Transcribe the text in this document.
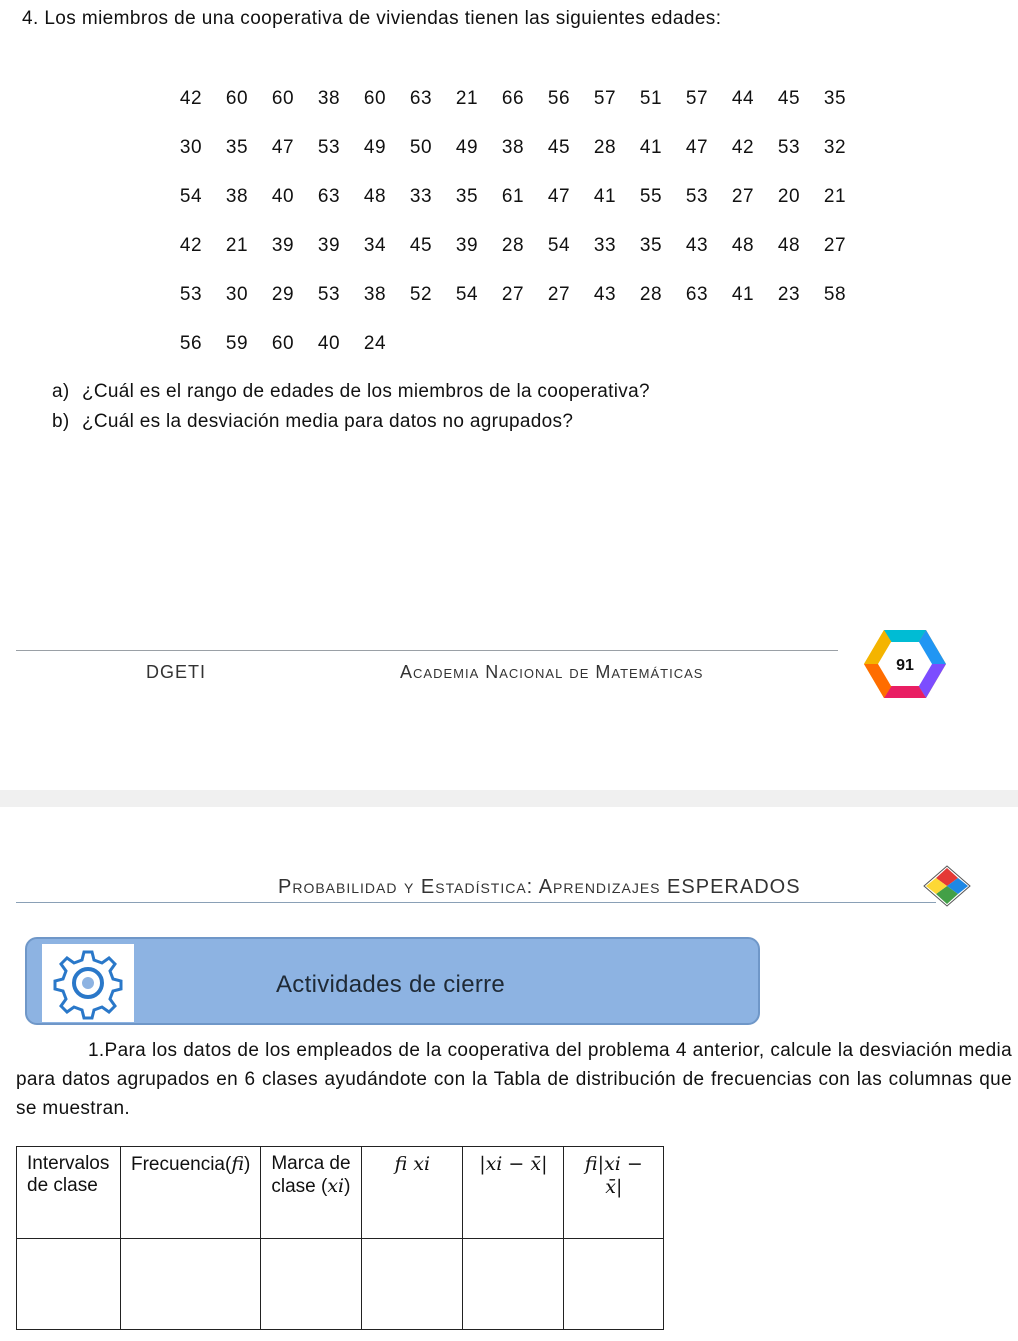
4. Los miembros de una cooperativa de viviendas tienen las siguientes edades:
42	60	60	38	60	63	21	66	56	57	51	57	44	45	35
30	35	47	53	49	50	49	38	45	28	41	47	42	53	32
54	38	40	63	48	33	35	61	47	41	55	53	27	20	21
42	21	39	39	34	45	39	28	54	33	35	43	48	48	27
53	30	29	53	38	52	54	27	27	43	28	63	41	23	58
56	59	60	40	24
a) ¿Cuál es el rango de edades de los miembros de la cooperativa?
b) ¿Cuál es la desviación media para datos no agrupados?
DGETI	Academia Nacional de Matemáticas	91
Probabilidad y Estadística: Aprendizajes ESPERADOS
Actividades de cierre
1.Para los datos de los empleados de la cooperativa del problema 4 anterior, calcule la desviación media para datos agrupados en 6 clases ayudándote con la Tabla de distribución de frecuencias con las columnas que se muestran.
Intervalos de clase	Frecuencia(fi)	Marca de clase (xi)	fi xi	|xi − x̄|	fi|xi − x̄|
